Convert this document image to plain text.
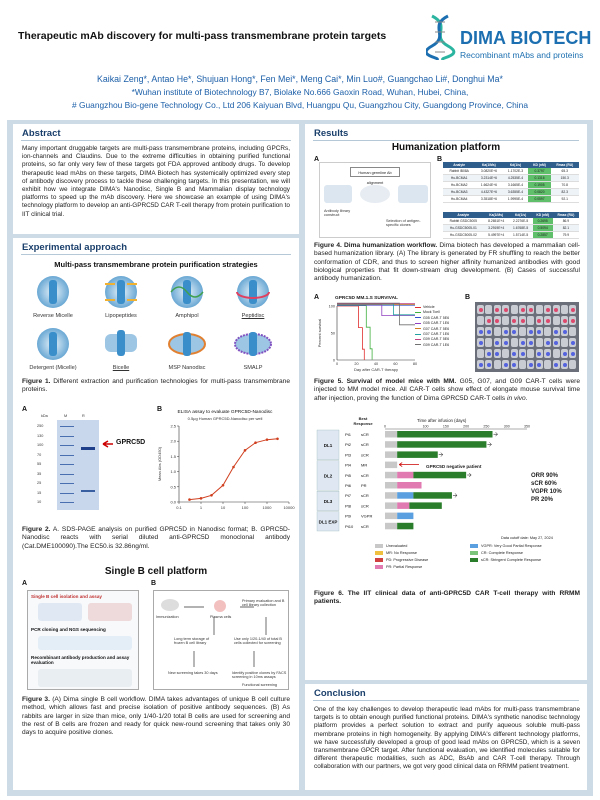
Therapeutic mAb discovery for multi-pass transmembrane protein targets	DIMA BIOTECH
Recombinant mAbs and proteins
Kaikai Zeng*, Antao He*, Shujuan Hong*, Fen Mei*, Meng Cai*, Min Luo#, Guangchao Li#, Donghui Ma*
*Wuhan institute of Biotechnology B7, Biolake No.666 Gaoxin Road, Wuhan, Hubei, China,
# Guangzhou Bio-gene Technology Co., Ltd 206 Kaiyuan Blvd, Huangpu Qu, Guangzhou City, Guangdong Province, China
Abstract
Many important druggable targets are multi-pass transmembrane proteins, including GPCRs, ion-channels and Claudins. Due to the extreme difficulties in obtaining purified functional proteins, so far only very few of these targets got FDA approved antibody drugs. To develop therapeutic lead mAbs on these targets, DIMA Biotech has systemically optimized every step of antibody discovery process to tackle these challenging targets. In this presentation, we will exhibit how we integrate DIMA's Nanodisc, Single B and Mammalian display technology platforms to speed up the mAb discovery. Here we showcase an example of using DIMA's technology platform to develop an anti-GPRC5D CAR T-cell therapy from protein purification to IIT clinical trial.
Experimental approach
Multi-pass transmembrane protein purification strategies
Reverse Micelle	Lipopeptides	Amphipol	Peptidisc
Detergent (Micelle)	Bicelle	MSP Nanodisc	SMALP
Figure 1. Different extraction and purification technologies for multi-pass transmembrane proteins.
A
kDa	M	R
250
130
100
70
55
35
25
15
10
GPRC5D
B	ELISA assay to evaluate GPRC5D-Nanodisc
0.5μg Human GPRC5D-Nanodisc per well
0.1	1	10	100	1000	10000
0.0
0.5
1.0
1.5
2.0
2.5
Mean Abs (OD450)
Figure 2. A. SDS-PAGE analysis on purified GPRC5D in Nanodisc format; B. GPRC5D-Nanodisc reacts with serial diluted anti-GPRC5D monoclonal antibody (Cat.DME100090).The EC50.is 32.86ng/ml.
Single B cell platform
A	B
Single B cell isolation and assay
PCR cloning and NGS sequencing
Recombinant antibody production and assay evaluation
Immunization	Plasma cells
Primary evaluation and B cell library collection
Long term storage of frozen B cell library
Use only 1/20-1/40 of total B cells collected for screening
New screening takes 30 days	Identify positive clones by FACS screening in 10ms assays
Functional screening
Figure 3. (A) Dima single B cell workflow. DIMA takes advantages of unique B cell culture method, which allows fast and precise isolation of positive antibody sequences. (B) As rabbits are larger in size than mice, only 1/40-1/20 total B cells are used for screening and the rest of B cells are frozen and ready for quick new-round screening that takes only 30 days to acquire positive clones.
Results
Humanization platform
A	B
Human germline Ab alignment
Antibody library construct
Selection of antigen-specific clones
Analyte	Ka(1/Ms)	Kd(1/s)	KD (nM)	Rmax (RU)
Rabbit IB08A	3.0820E+6	1.1702E-3	0.3797	65.3
Hu-BCMA1	3.2314E+6	4.2535E-4	0.1316	150.3
Hu-BCMA2	1.6624E+6	3.1665E-4	0.1905	70.8
Hu-BCMA3	4.4327E+6	3.6355E-4	0.0820	82.3
Hu-BCMA4	3.3518E+6	1.9995E-4	0.0597	92.1
Analyte	Ka(1/Ms)	Kd(1/s)	KD (nM)	Rmax (RU)
Rabbit GSDC5005	8.2651E+4	2.2276E-5	0.2695	86.9
Hu-GSDC5005-01	3.2919E+4	1.6768E-5	0.5094	82.1
Hu-GSDC5005-02	5.4997E+4	1.5714E-5	0.2857	79.9
Figure 4. Dima humanization workflow. Dima biotech has developed a mammalian cell-based humanization library. (A) The library is generated by FR shuffling to reach the better conformation of CDR, and thus to screen higher affinity humanized antibodies with good biological properties that fit down-stream drug development. (B) Cases of successful antibody humanization.
A	B
GPRC5D MM.1.S SURVIVAL
0	20	40	60	80
0
50
100
Day after CAR-T therapy
Percent survival
Vehicle
Mock Tcell
G05 CAR-T 5E6
G05 CAR-T 1E6
G07 CAR-T 5E6
G07 CAR-T 1E6
G09 CAR-T 5E6
G09 CAR-T 1E6
Figure 5. Survival of model mice with MM. G05, G07, and G09 CAR-T cells were injected to MM model mice. All CAR-T cells show effect of elongate mouse survival time after injection, proving the function of Dima GPRC5D CAR-T cells in vivo.
Time after infusion (days)
Best Response
0	100	150	200	250	300	350
DL1
DL2
DL3
DL1 EXP
Pt1 sCR
Pt2 sCR
Pt3 sCR
Pt4 MR
Pt5 sCR
Pt6 PR
Pt7 sCR
Pt8 sCR
Pt9 VGPR
Pt10 sCR
GPRC5D negative patient
ORR 90%
sCR 60%
VGPR 10%
PR 20%
Data cutoff date: May 27, 2024
Unevaluated
MR: No Response
PD: Progressive Disease
PR: Partial Response
VGPR: Very Good Partial Response
CR: Complete Response
sCR: Stringent Complete Response
Figure 6. The IIT clinical data of anti-GPRC5D CAR T-cell therapy with RRMM patients.
Conclusion
One of the key challenges to develop therapeutic lead mAbs for multi-pass transmembrane targets is to obtain enough purified functional proteins. DIMA's synthetic nanodisc technology platform provides a perfect solution to extract and purify aqueous soluble multi-pass membrane proteins in high homogeneity. By applying DIMA's different technology platforms, we have successfully developed a group of good lead mAbs on GPRC5D, which is a seven transmembrane GPCR target. After functional evaluation, we identified molecules suitable for different therapeutic modalities, such as ADC, BsAb and CAR T-cell therapy. Through collaboration with our partners, we got very good clinical data on RRMM patient treatment.
